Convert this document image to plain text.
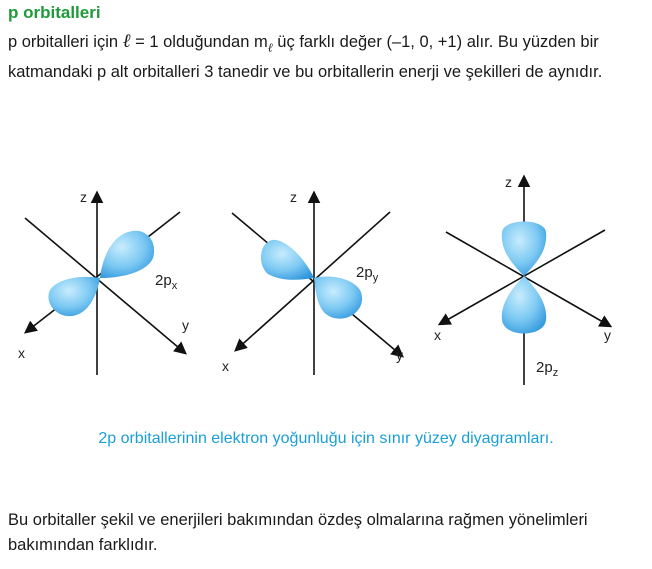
p orbitalleri

p orbitalleri için ℓ = 1 olduğundan $m_\ell$ üç farklı değer (–1, 0, +1) alır. Bu yüzden bir katmandaki p alt orbitalleri 3 tanedir ve bu orbitallerin enerji ve şekilleri de aynıdır.

z
x
y
$2p_x$
z
x
y
$2p_y$
z
x	y
$2p_z$

2p orbitallerinin elektron yoğunluğu için sınır yüzey diyagramları.

Bu orbitaller şekil ve enerjileri bakımından özdeş olmalarına rağmen yönelimleri bakımından farklıdır.
